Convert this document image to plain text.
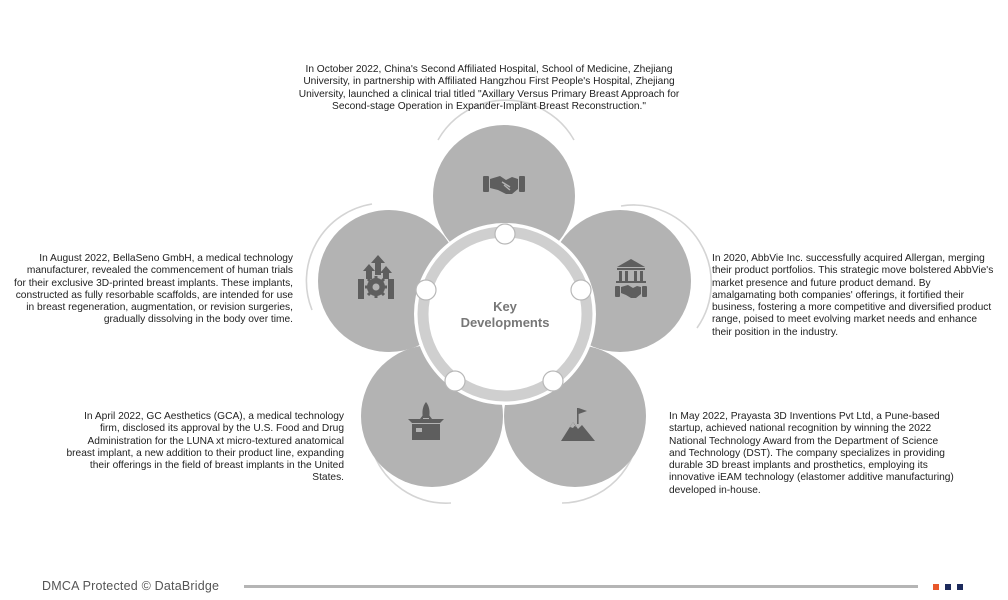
Key
Developments

In October 2022, China's Second Affiliated Hospital, School of Medicine, Zhejiang University, in partnership with Affiliated Hangzhou First People's Hospital, Zhejiang University, launched a clinical trial titled "Axillary Versus Primary Breast Approach for Second-stage Operation in Expander-Implant Breast Reconstruction."

In 2020, AbbVie Inc. successfully acquired Allergan, merging their product portfolios. This strategic move bolstered AbbVie's market presence and future product demand. By amalgamating both companies' offerings, it fortified their business, fostering a more competitive and diversified product range, poised to meet evolving market needs and enhance their position in the industry.

In May 2022, Prayasta 3D Inventions Pvt Ltd, a Pune-based startup, achieved national recognition by winning the 2022 National Technology Award from the Department of Science and Technology (DST). The company specializes in providing durable 3D breast implants and prosthetics, employing its innovative iEAM technology (elastomer additive manufacturing) developed in-house.

In April 2022, GC Aesthetics (GCA), a medical technology firm, disclosed its approval by the U.S. Food and Drug Administration for the LUNA xt micro-textured anatomical breast implant, a new addition to their product line, expanding their offerings in the field of breast implants in the United States.

In August 2022, BellaSeno GmbH, a medical technology manufacturer, revealed the commencement of human trials for their exclusive 3D-printed breast implants. These implants, constructed as fully resorbable scaffolds, are intended for use in breast regeneration, augmentation, or revision surgeries, gradually dissolving in the body over time.

DMCA Protected © DataBridge
